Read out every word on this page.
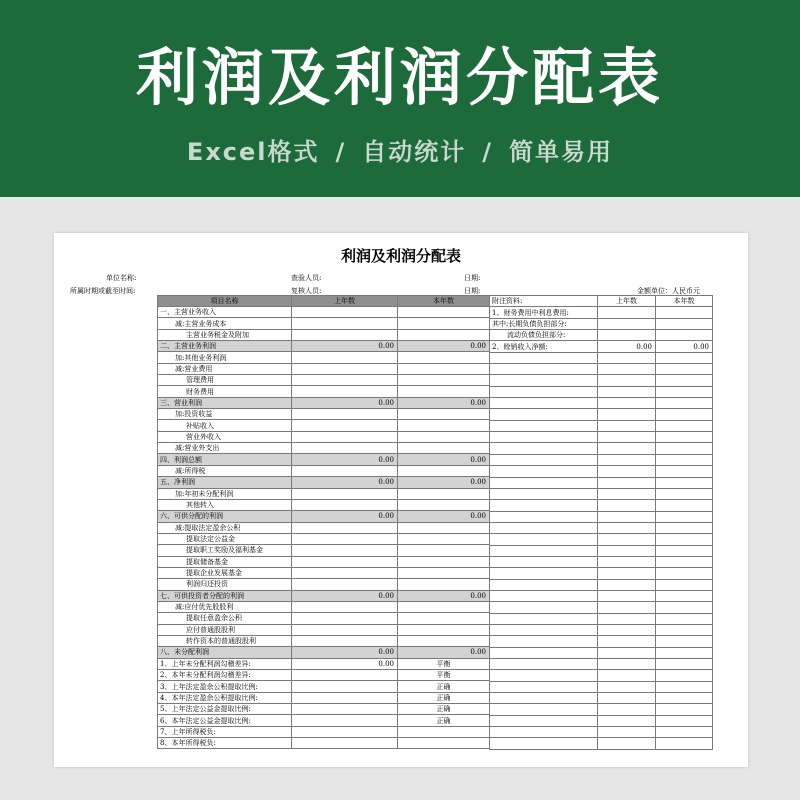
利润及利润分配表
Excel格式 / 自动统计 / 简单易用
利润及利润分配表
单位名称:
所属时期或截至时间:
查验人员:
复核人员:
日期:
日期:	金额单位：人民币元
项目名称	上年数	本年数
一、主营业务收入		
减:主营业务成本		
主营业务税金及附加		
二、主营业务利润	0.00	0.00
加:其他业务利润		
减:营业费用		
管理费用		
财务费用		
三、营业利润	0.00	0.00
加:投资收益		
补贴收入		
营业外收入		
减:营业外支出		
四、利润总额	0.00	0.00
减:所得税		
五、净利润	0.00	0.00
加:年初未分配利润		
其他转入		
六、可供分配的利润	0.00	0.00
减:提取法定盈余公积		
提取法定公益金		
提取职工奖励及福利基金		
提取储备基金		
提取企业发展基金		
利润归还投资		
七、可供投资者分配的利润	0.00	0.00
减:应付优先股股利		
提取任意盈余公积		
应付普通股股利		
转作资本的普通股股利		
八、未分配利润	0.00	0.00
1、上年未分配利润勾稽差异:	0.00	平衡
2、本年未分配利润勾稽差异:		平衡
3、上年法定盈余公积提取比例:		正确
4、本年法定盈余公积提取比例:		正确
5、上年法定公益金提取比例:		正确
6、本年法定公益金提取比例:		正确
7、上年所得税负:		
8、本年所得税负:		
附注资料:	上年数	本年数
1、财务费用中利息费用:		
其中:长期负债负担部分:		
流动负债负担部分:		
2、赊销收入净额:	0.00	0.00
